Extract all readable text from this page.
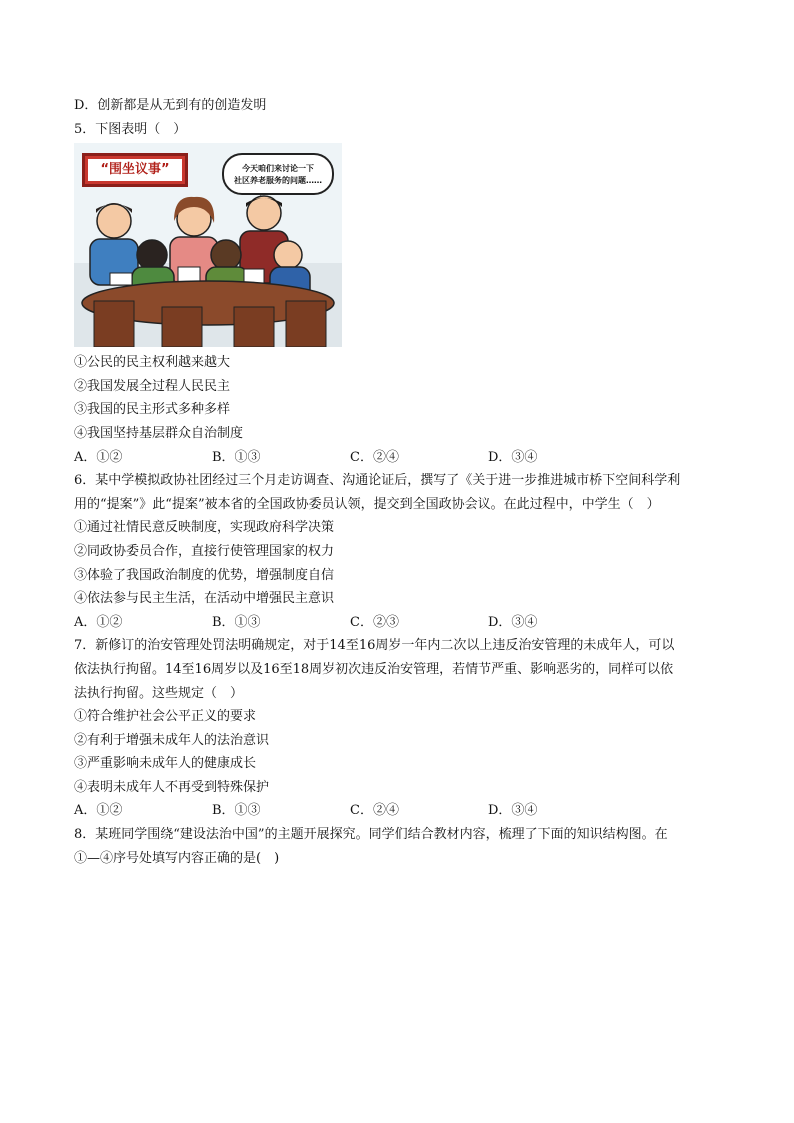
D．创新都是从无到有的创造发明
5．下图表明（　）
“围坐议事”	今天咱们来讨论一下
社区养老服务的问题……
①公民的民主权利越来越大
②我国发展全过程人民民主
③我国的民主形式多种多样
④我国坚持基层群众自治制度
A．①②	B．①③	C．②④	D．③④
6．某中学模拟政协社团经过三个月走访调查、沟通论证后，撰写了《关于进一步推进城市桥下空间科学利
用的“提案”》此“提案”被本省的全国政协委员认领，提交到全国政协会议。在此过程中，中学生（　）
①通过社情民意反映制度，实现政府科学决策
②同政协委员合作，直接行使管理国家的权力
③体验了我国政治制度的优势，增强制度自信
④依法参与民主生活，在活动中增强民主意识
A．①②	B．①③	C．②③	D．③④
7．新修订的治安管理处罚法明确规定，对于14至16周岁一年内二次以上违反治安管理的未成年人，可以
依法执行拘留。14至16周岁以及16至18周岁初次违反治安管理，若情节严重、影响恶劣的，同样可以依
法执行拘留。这些规定（　）
①符合维护社会公平正义的要求
②有利于增强未成年人的法治意识
③严重影响未成年人的健康成长
④表明未成年人不再受到特殊保护
A．①②	B．①③	C．②④	D．③④
8．某班同学围绕“建设法治中国”的主题开展探究。同学们结合教材内容，梳理了下面的知识结构图。在
①—④序号处填写内容正确的是(　)
